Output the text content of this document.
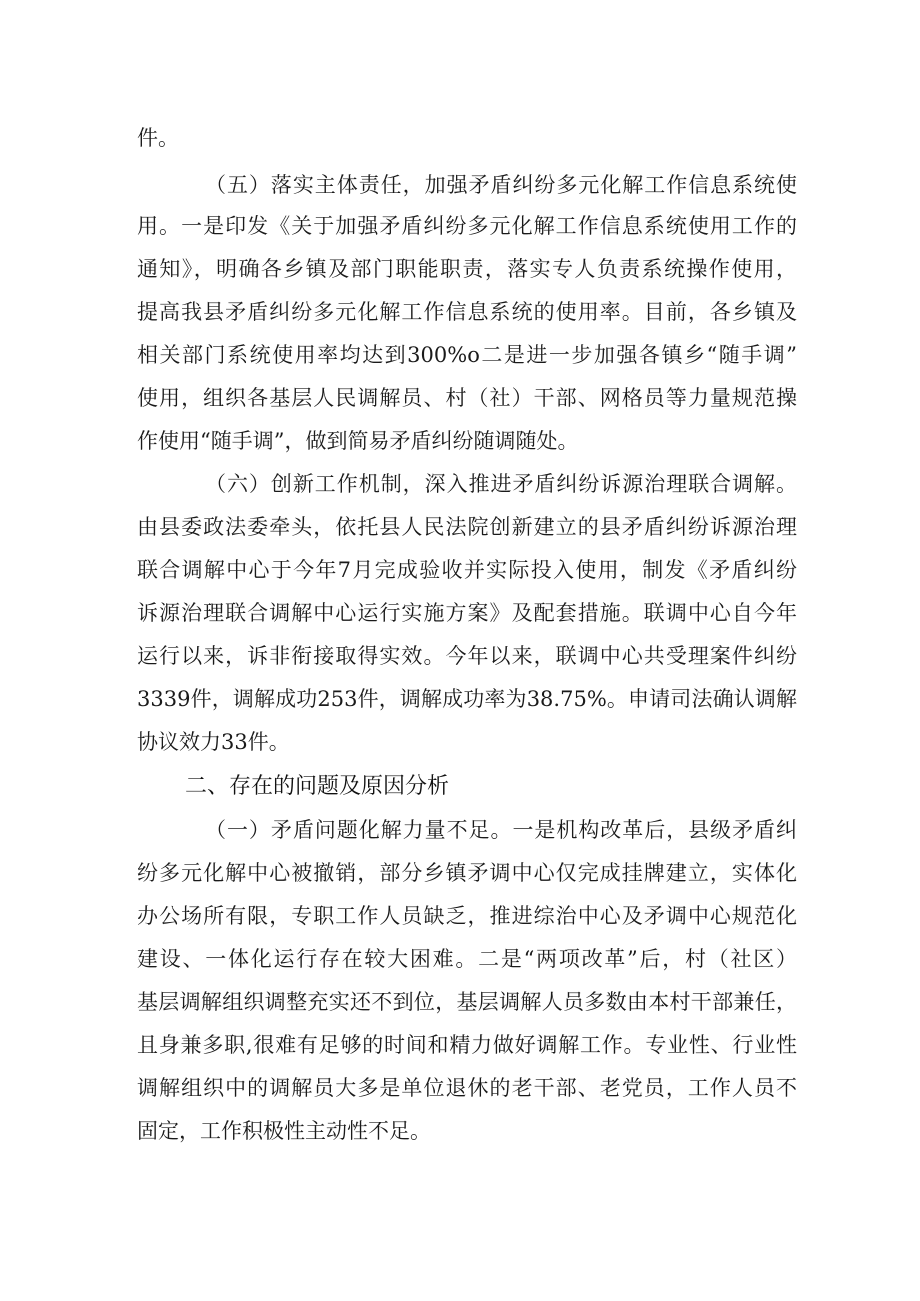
件。
（五）落实主体责任，加强矛盾纠纷多元化解工作信息系统使
用。一是印发《关于加强矛盾纠纷多元化解工作信息系统使用工作的
通知》，明确各乡镇及部门职能职责，落实专人负责系统操作使用，
提高我县矛盾纠纷多元化解工作信息系统的使用率。目前，各乡镇及
相关部门系统使用率均达到300%o二是进一步加强各镇乡“随手调”
使用，组织各基层人民调解员、村（社）干部、网格员等力量规范操
作使用“随手调”，做到简易矛盾纠纷随调随处。
（六）创新工作机制，深入推进矛盾纠纷诉源治理联合调解。
由县委政法委牵头，依托县人民法院创新建立的县矛盾纠纷诉源治理
联合调解中心于今年7月完成验收并实际投入使用，制发《矛盾纠纷
诉源治理联合调解中心运行实施方案》及配套措施。联调中心自今年
运行以来，诉非衔接取得实效。今年以来，联调中心共受理案件纠纷
3339件，调解成功253件，调解成功率为38.75%。申请司法确认调解
协议效力33件。
二、存在的问题及原因分析
（一）矛盾问题化解力量不足。一是机构改革后，县级矛盾纠
纷多元化解中心被撤销，部分乡镇矛调中心仅完成挂牌建立，实体化
办公场所有限，专职工作人员缺乏，推进综治中心及矛调中心规范化
建设、一体化运行存在较大困难。二是“两项改革”后，村（社区）
基层调解组织调整充实还不到位，基层调解人员多数由本村干部兼任，
且身兼多职,很难有足够的时间和精力做好调解工作。专业性、行业性
调解组织中的调解员大多是单位退休的老干部、老党员，工作人员不
固定，工作积极性主动性不足。
